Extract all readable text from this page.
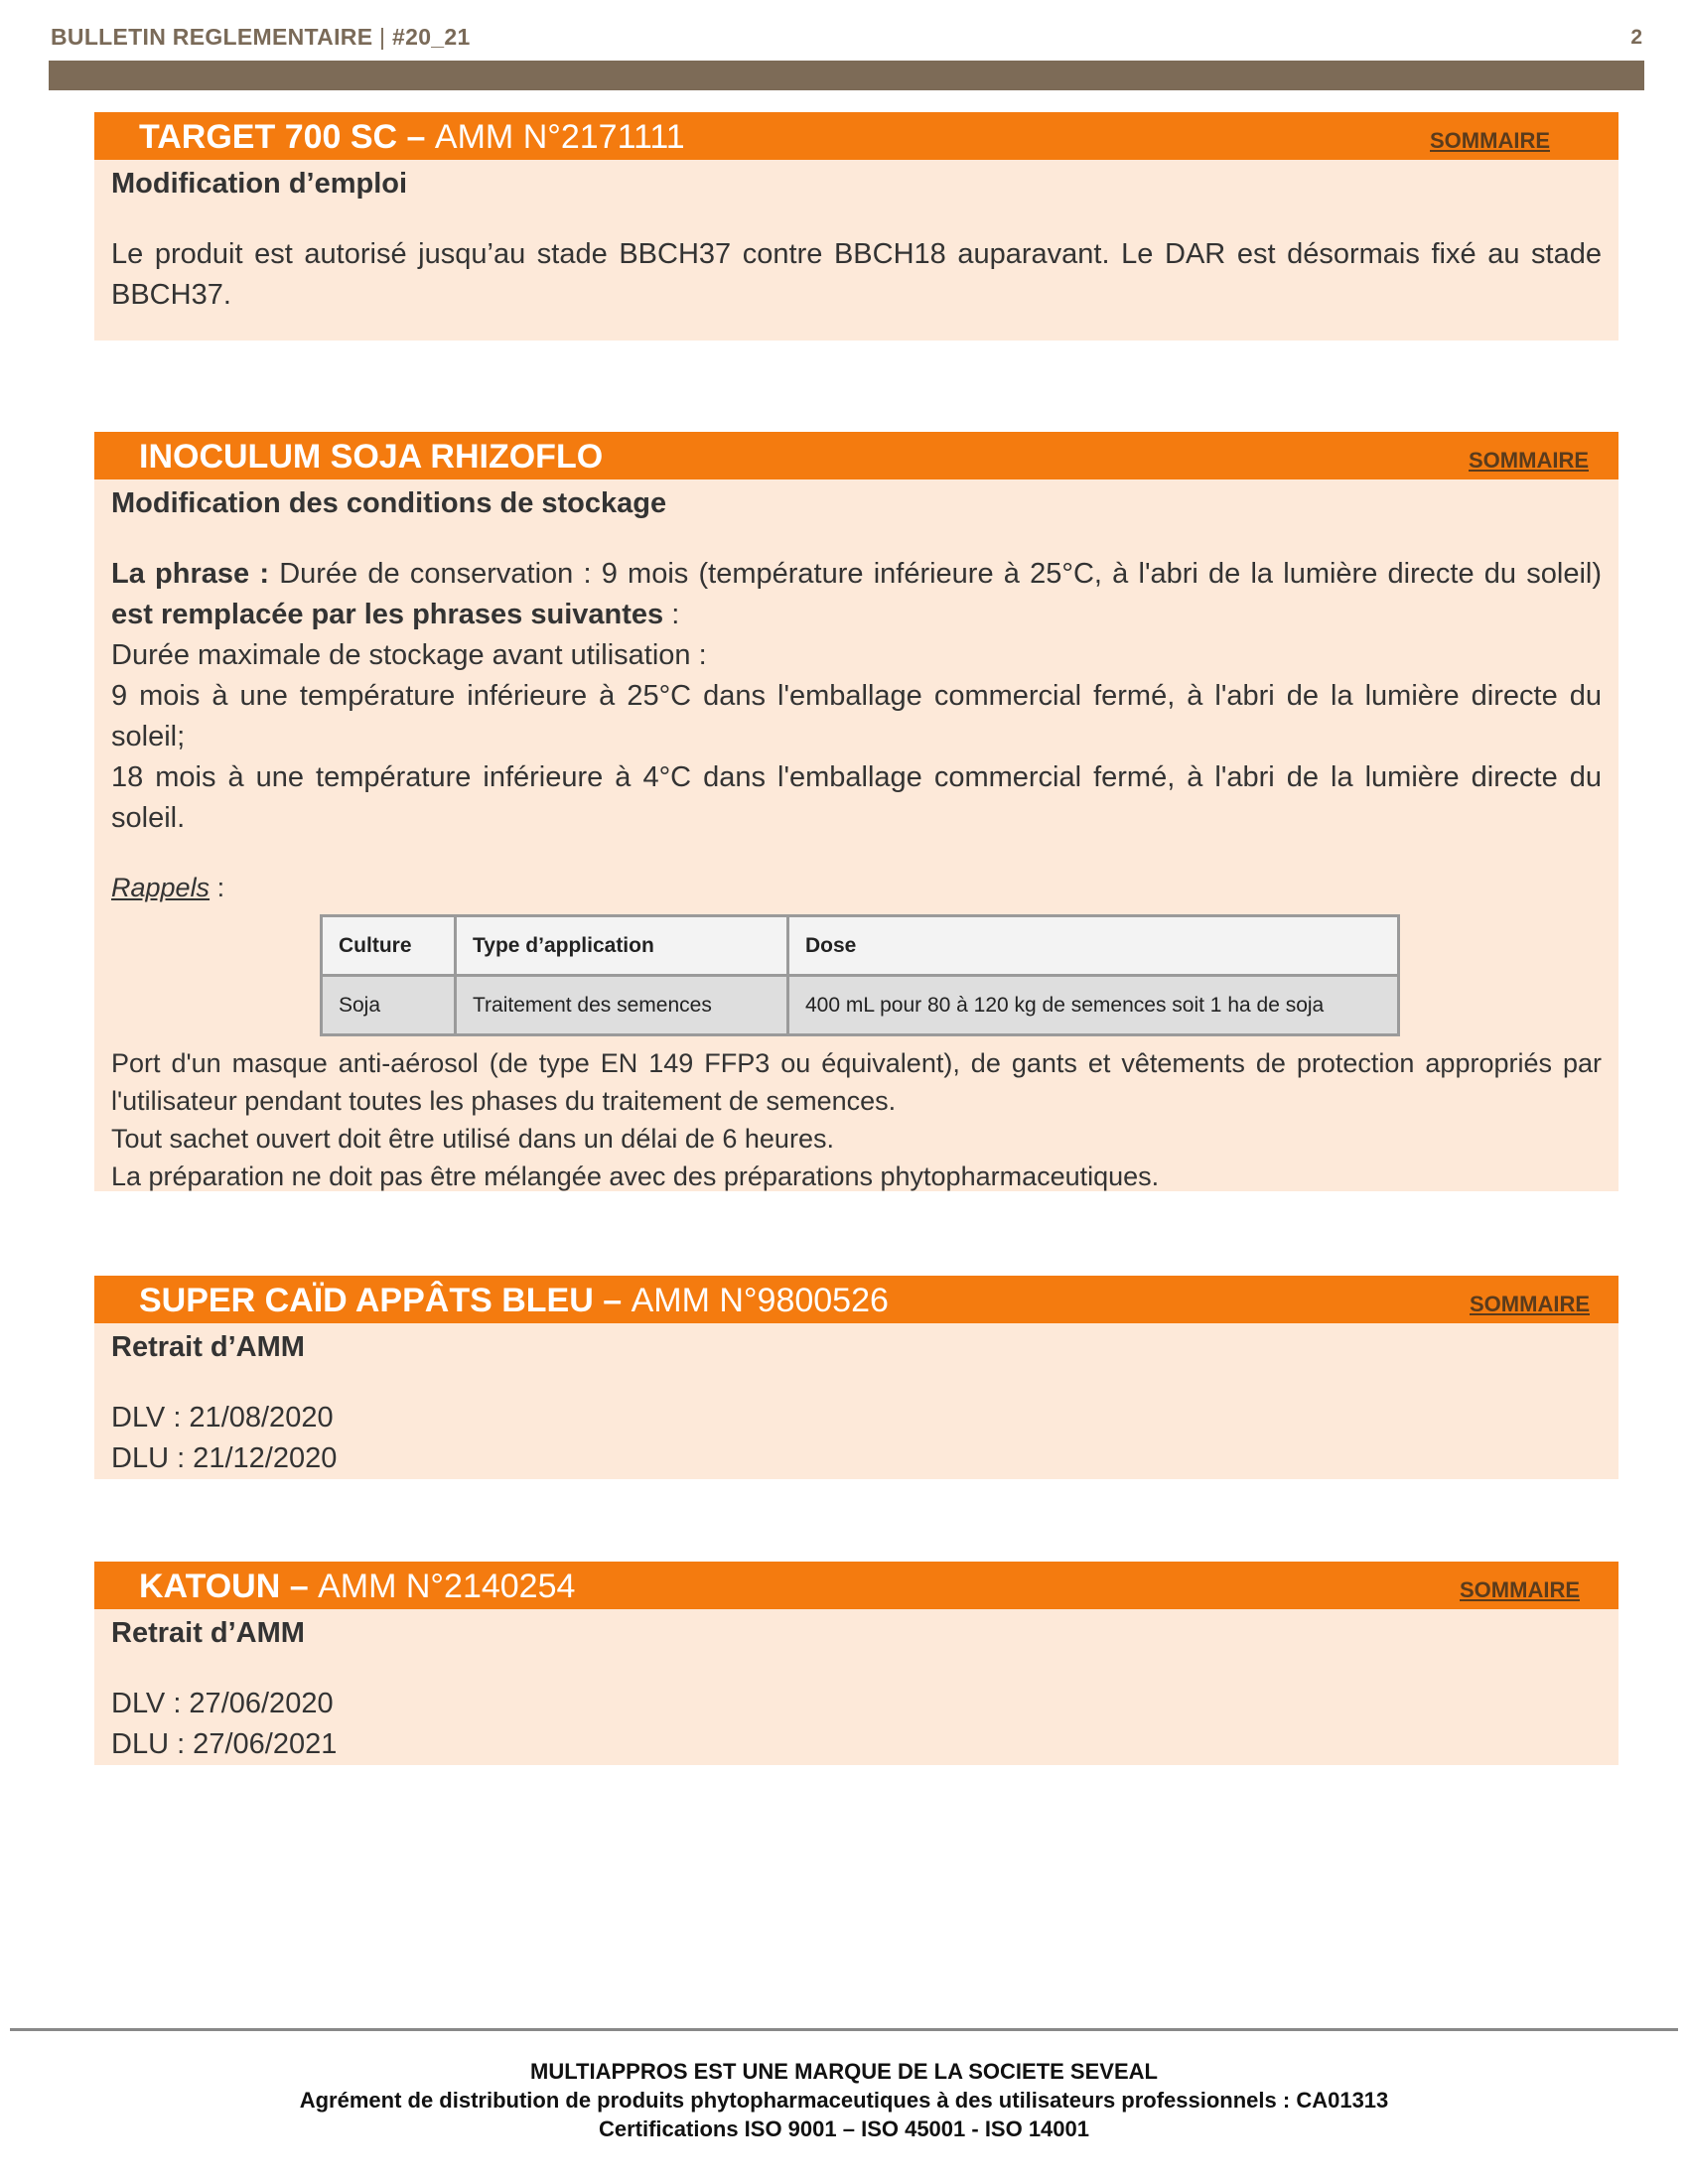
BULLETIN REGLEMENTAIRE | #20_21	2
TARGET 700 SC – AMM N°2171111	SOMMAIRE
Modification d’emploi
Le produit est autorisé jusqu’au stade BBCH37 contre BBCH18 auparavant. Le DAR est désormais fixé au stade BBCH37.
INOCULUM SOJA RHIZOFLO	SOMMAIRE
Modification des conditions de stockage
La phrase : Durée de conservation : 9 mois (température inférieure à 25°C, à l'abri de la lumière directe du soleil) est remplacée par les phrases suivantes :
Durée maximale de stockage avant utilisation :
9 mois à une température inférieure à 25°C dans l'emballage commercial fermé, à l'abri de la lumière directe du soleil;
18 mois à une température inférieure à 4°C dans l'emballage commercial fermé, à l'abri de la lumière directe du soleil.
Rappels :
Culture	Type d’application	Dose
Soja	Traitement des semences	400 mL pour 80 à 120 kg de semences soit 1 ha de soja
Port d'un masque anti-aérosol (de type EN 149 FFP3 ou équivalent), de gants et vêtements de protection appropriés par l'utilisateur pendant toutes les phases du traitement de semences.
Tout sachet ouvert doit être utilisé dans un délai de 6 heures.
La préparation ne doit pas être mélangée avec des préparations phytopharmaceutiques.
SUPER CAÏD APPÂTS BLEU – AMM N°9800526	SOMMAIRE
Retrait d’AMM
DLV : 21/08/2020
DLU : 21/12/2020
KATOUN – AMM N°2140254	SOMMAIRE
Retrait d’AMM
DLV : 27/06/2020
DLU : 27/06/2021
MULTIAPPROS EST UNE MARQUE DE LA SOCIETE SEVEAL
Agrément de distribution de produits phytopharmaceutiques à des utilisateurs professionnels : CA01313
Certifications ISO 9001 – ISO 45001 - ISO 14001
